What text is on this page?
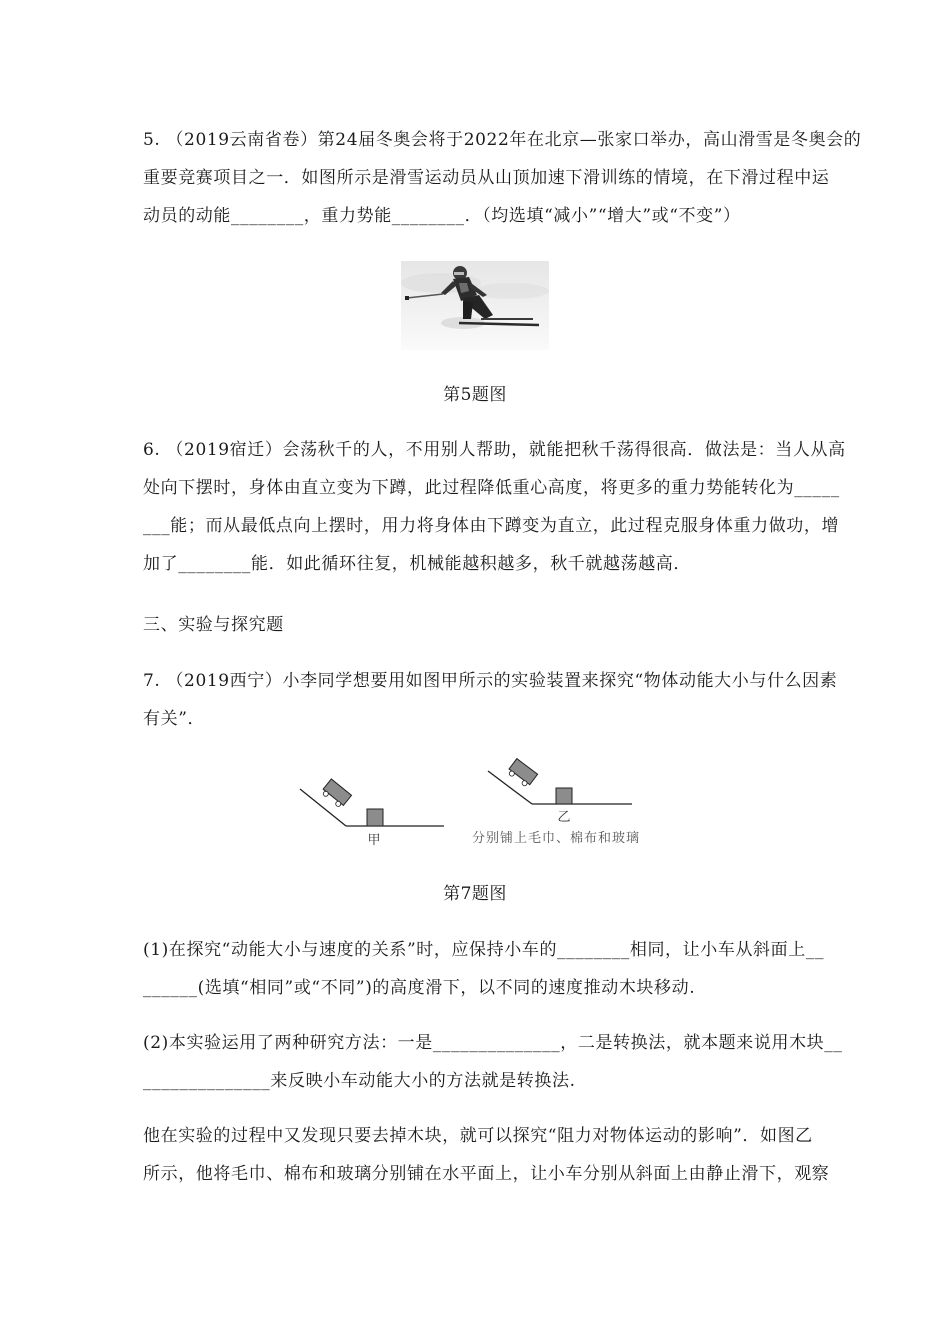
5. （2019云南省卷）第24届冬奥会将于2022年在北京—张家口举办，高山滑雪是冬奥会的
重要竞赛项目之一．如图所示是滑雪运动员从山顶加速下滑训练的情境，在下滑过程中运
动员的动能________，重力势能________．（均选填“减小”“增大”或“不变”）
第5题图
6. （2019宿迁）会荡秋千的人，不用别人帮助，就能把秋千荡得很高．做法是：当人从高
处向下摆时，身体由直立变为下蹲，此过程降低重心高度，将更多的重力势能转化为_____
___能；而从最低点向上摆时，用力将身体由下蹲变为直立，此过程克服身体重力做功，增
加了________能．如此循环往复，机械能越积越多，秋千就越荡越高．
三、实验与探究题
7. （2019西宁）小李同学想要用如图甲所示的实验装置来探究“物体动能大小与什么因素
有关”．
甲
乙
分别铺上毛巾、棉布和玻璃
第7题图
(1)在探究“动能大小与速度的关系”时，应保持小车的________相同，让小车从斜面上__
______(选填“相同”或“不同”)的高度滑下，以不同的速度推动木块移动.
(2)本实验运用了两种研究方法：一是______________，二是转换法，就本题来说用木块__
______________来反映小车动能大小的方法就是转换法.
他在实验的过程中又发现只要去掉木块，就可以探究“阻力对物体运动的影响”．如图乙
所示，他将毛巾、棉布和玻璃分别铺在水平面上，让小车分别从斜面上由静止滑下，观察
